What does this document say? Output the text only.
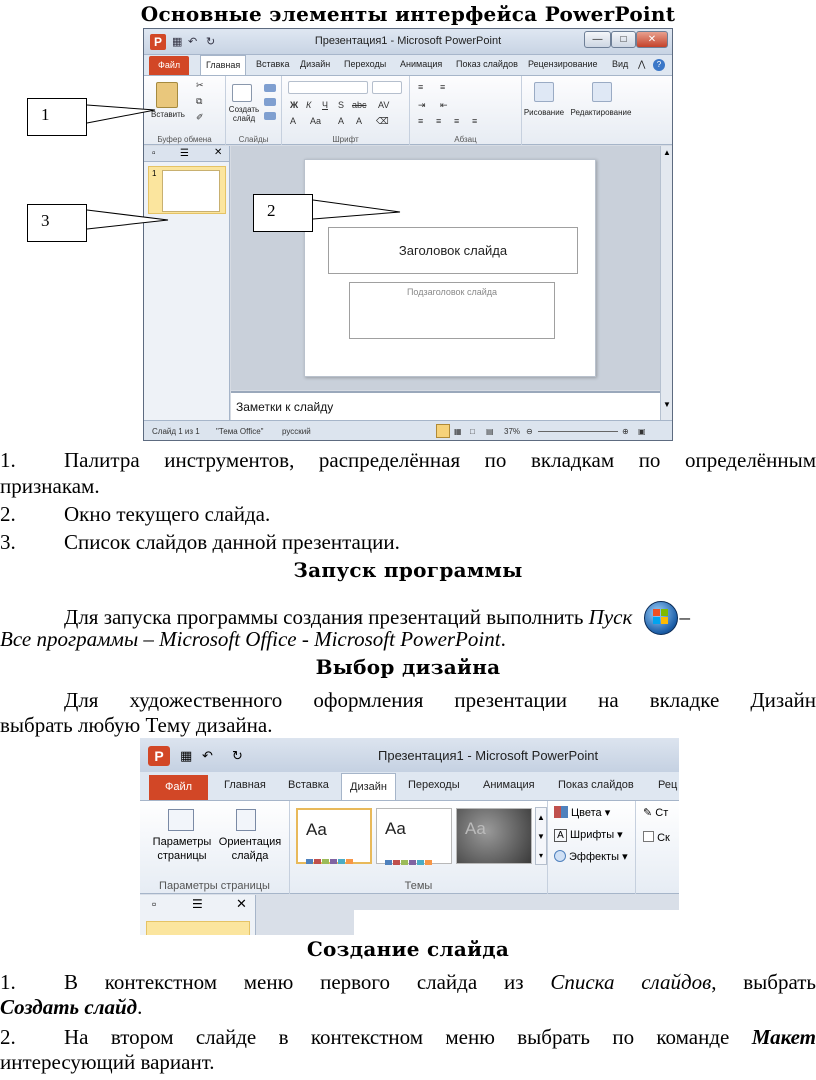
Основные элементы интерфейса PowerPoint
P ▦ ↶ ↻	Презентация1 - Microsoft PowerPoint	—	□	✕
Файл	Главная	Вставка Дизайн Переходы Анимация Показ слайдов Рецензирование Вид ⋀	?
Вставить
✂
⧉
✐
Буфер обмена
Создать слайд
Слайды
Ж К Ч S abc AV
A Aa A A ⌫
Шрифт
≡ ≡
⇥ ⇤
≡ ≡ ≡ ≡
Абзац
Рисование Редактирование
▫ ☰	✕
1
Заголовок слайда
Подзаголовок слайда
▲
▼
Заметки к слайду
Слайд 1 из 1 "Тема Office" русский	▦ □ ▤ 37% ⊖	⊕ ▣
1
2
3
1. Палитра инструментов, распределённая по вкладкам по определённым
признакам.
2. Окно текущего слайда.
3. Список слайдов данной презентации.
Запуск программы
Для запуска программы создания презентаций выполнить Пуск –
Все программы – Microsoft Office - Microsoft PowerPoint.
Выбор дизайна
Для художественного оформления презентации на вкладке Дизайн
выбрать любую Тему дизайна.
P	▦ ↶ ↻	Презентация1 - Microsoft PowerPoint
Файл	Главная Вставка	Дизайн	Переходы Анимация Показ слайдов Рец
Параметры страницы
Ориентация слайда
Параметры страницы
Aa	Aa	Aa
▲
▼
▾
Темы
Цвета ▾
A Шрифты ▾
Эффекты ▾
✎ Ст
Ск
▫	☰	✕
Создание слайда
1. В контекстном меню первого слайда из Списка слайдов, выбрать
Создать слайд.
2. На втором слайде в контекстном меню выбрать по команде Макет
интересующий вариант.
